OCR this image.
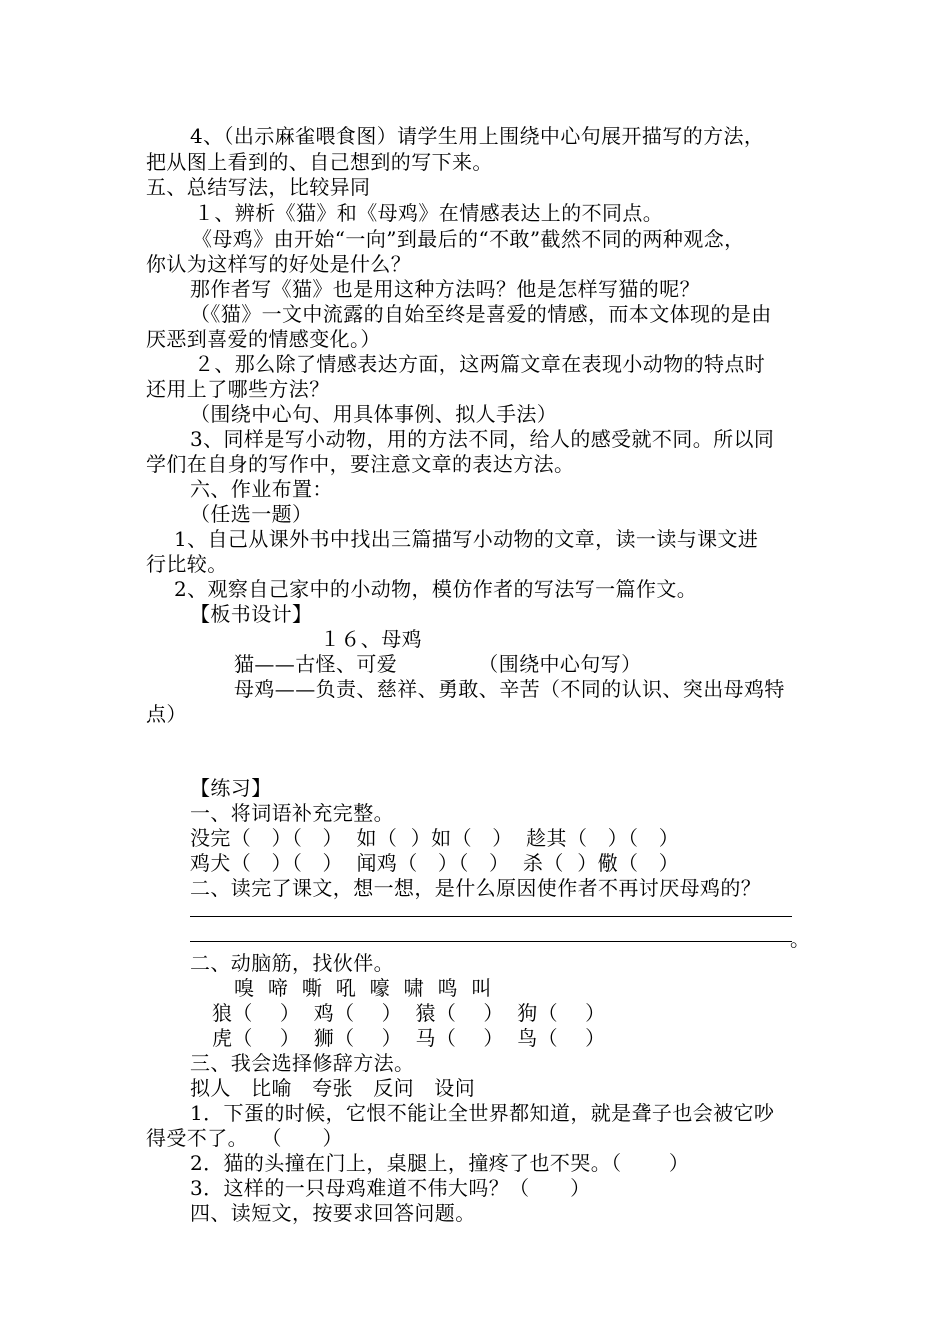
4、（出示麻雀喂食图）请学生用上围绕中心句展开描写的方法，
把从图上看到的、自己想到的写下来。
五、总结写法，比较异同
１、辨析《猫》和《母鸡》在情感表达上的不同点。
《母鸡》由开始“一向”到最后的“不敢”截然不同的两种观念，
你认为这样写的好处是什么？
那作者写《猫》也是用这种方法吗？他是怎样写猫的呢？
（《猫》一文中流露的自始至终是喜爱的情感，而本文体现的是由
厌恶到喜爱的情感变化。）
２、那么除了情感表达方面，这两篇文章在表现小动物的特点时
还用上了哪些方法？
（围绕中心句、用具体事例、拟人手法）
3、同样是写小动物，用的方法不同，给人的感受就不同。所以同
学们在自身的写作中，要注意文章的表达方法。
六、作业布置：
（任选一题）
1、自己从课外书中找出三篇描写小动物的文章，读一读与课文进
行比较。
2、观察自己家中的小动物，模仿作者的写法写一篇作文。
【板书设计】
１６、母鸡
猫——古怪、可爱            （围绕中心句写）
母鸡——负责、慈祥、勇敢、辛苦（不同的认识、突出母鸡特
点）
【练习】
一、将词语补充完整。
没完（   ）（   ）  如（  ）如（   ）  趁其（   ）（   ）
鸡犬（   ）（   ）  闻鸡（   ）（   ）  杀（  ）儆（   ）
二、读完了课文，想一想，是什么原因使作者不再讨厌母鸡的？
。
二、动脑筋，找伙伴。
嗅  啼  嘶  吼  嚎  啸  鸣  叫
狼（    ）  鸡（    ）  猿（    ）  狗（    ）
虎（    ）  狮（    ）  马（    ）  鸟（    ）
三、我会选择修辞方法。
拟人   比喻   夸张   反问   设问
1．下蛋的时候，它恨不能让全世界都知道，就是聋子也会被它吵
得受不了。  （      ）
2．猫的头撞在门上，桌腿上，撞疼了也不哭。（       ）
3．这样的一只母鸡难道不伟大吗？（      ）
四、读短文，按要求回答问题。
